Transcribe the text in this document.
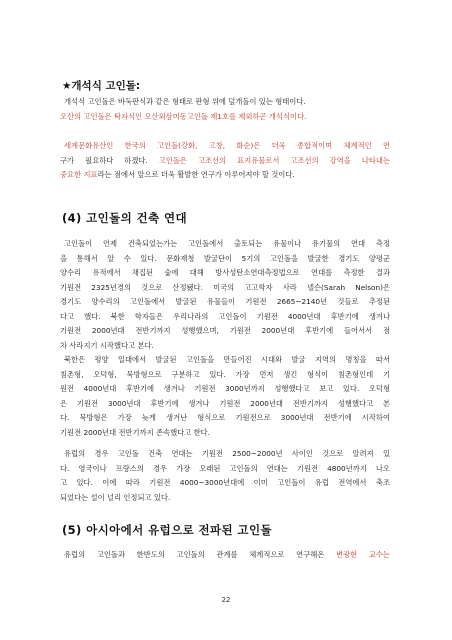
★개석식 고인돌:
개석식 고인돌은 바둑판식과 같은 형태로 판형 위에 덮개돌이 있는 형태이다.
오산의 고인돌은 탁자식인 오산외삼미동고인돌 제1호를 제외하곤 개석식이다.
세계문화유산인 한국의 고인돌(강화, 고창, 화순)은 더욱 종합적이며 체계적인 연
구가 필요하다 하겠다. 고인돌은 고조선의 표지유물로서 고조선의 강역을 나타내는
중요한 지표라는 점에서 앞으로 더욱 활발한 연구가 이루어져야 할 것이다.
(4) 고인돌의 건축 연대
고인돌이 언제 건축되었는가는 고인돌에서 출토되는 유물이나 유기물의 연대 측정
을 통해서 알 수 있다. 문화재청 발굴단이 5기의 고인돌을 발굴한 경기도 양평군
양수리 유적에서 채집된 숯에 대해 방사성탄소연대측정법으로 연대를 측정한 결과
기원전 2325년경의 것으로 산정됐다. 미국의 고고학자 사라 넬슨(Sarah Nelson)은
경기도 양수리의 고인돌에서 발굴된 유물들이 기원전 2665~2140년 것들로 추정된
다고 했다. 북한 학자들은 우리나라의 고인돌이 기원전 4000년대 후반기에 생겨나
기원전 2000년대 전반기까지 성행했으며, 기원전 2000년대 후반기에 들어서서 점
차 사라지기 시작했다고 본다.
북한은 평양 일대에서 발굴된 고인돌을 만들어진 시대와 발굴 지역의 명칭을 따서
침촌형, 오덕형, 묵방형으로 구분하고 있다. 가장 먼저 생긴 형식이 침촌형인데 기
원전 4000년대 후반기에 생겨나 기원전 3000년까지 성행했다고 보고 있다. 오덕형
은 기원전 3000년대 후반기에 생겨나 기원전 2000년대 전반기까지 성행했다고 본
다. 묵방형은 가장 늦게 생겨난 형식으로 기원전으로 3000년대 전반기에 시작하여
기원전 2000년대 전반기까지 존속했다고 한다.
유럽의 경우 고인돌 건축 연대는 기원전 2500~2000년 사이인 것으로 알려져 있
다. 영국이나 프랑스의 경우 가장 오래된 고인돌의 연대는 기원전 4800년까지 나오
고 있다. 이에 따라 기원전 4000~3000년대에 이미 고인돌이 유럽 전역에서 축조
되었다는 설이 널리 인정되고 있다.
(5) 아시아에서 유럽으로 전파된 고인돌
유럽의 고인돌과 한반도의 고인돌의 관계를 체계적으로 연구해온 변광현 교수는
22
